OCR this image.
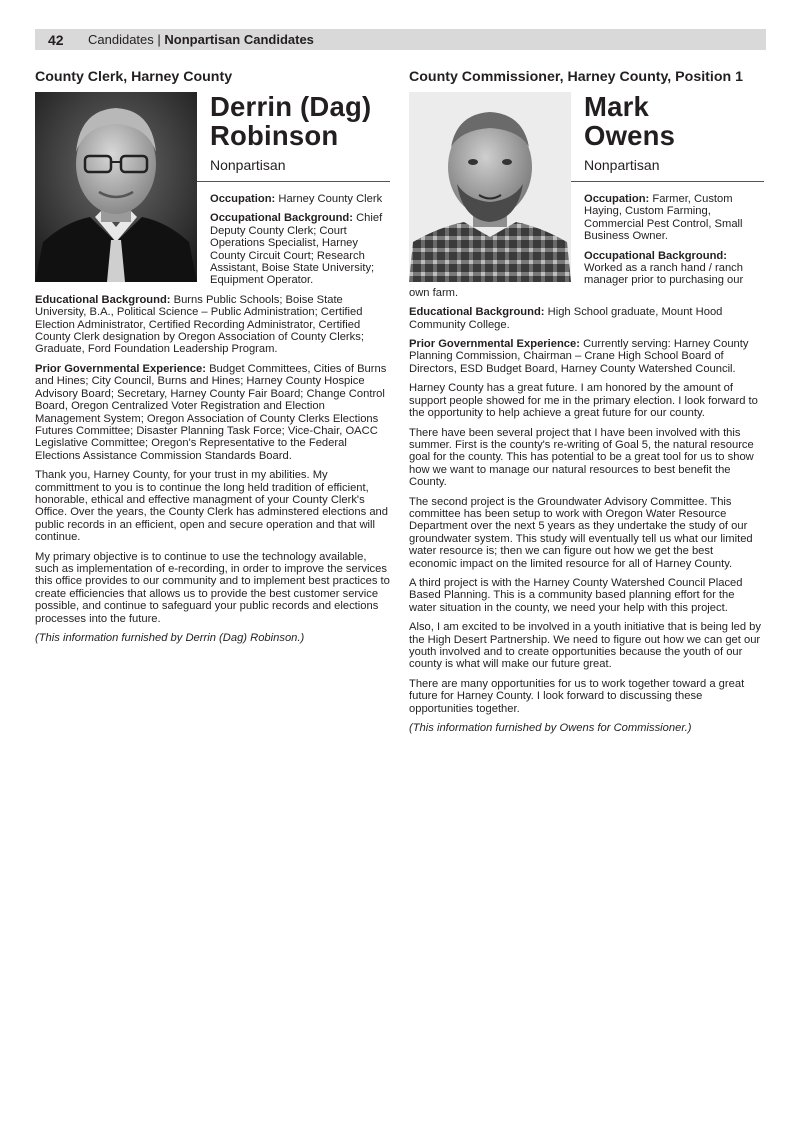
42	Candidates | Nonpartisan Candidates
County Clerk, Harney County
Derrin (Dag)
Robinson
Nonpartisan

Occupation: Harney County Clerk

Occupational Background: Chief Deputy County Clerk; Court Operations Specialist, Harney County Circuit Court; Research Assistant, Boise State University; Equipment Operator.

Educational Background: Burns Public Schools; Boise State University, B.A., Political Science – Public Administration; Certified Election Administrator, Certified Recording Administrator, Certified County Clerk designation by Oregon Association of County Clerks; Graduate, Ford Foundation Leadership Program.

Prior Governmental Experience: Budget Committees, Cities of Burns and Hines; City Council, Burns and Hines; Harney County Hospice Advisory Board; Secretary, Harney County Fair Board; Change Control Board, Oregon Centralized Voter Registration and Election Management System; Oregon Association of County Clerks Elections Futures Committee; Disaster Planning Task Force; Vice-Chair, OACC Legislative Committee; Oregon's Representative to the Federal Elections Assistance Commission Standards Board.

Thank you, Harney County, for your trust in my abilities. My committment to you is to continue the long held tradition of efficient, honorable, ethical and effective managment of your County Clerk's Office. Over the years, the County Clerk has adminstered elections and public records in an efficient, open and secure operation and that will continue.

My primary objective is to continue to use the technology available, such as implementation of e-recording, in order to improve the services this office provides to our community and to implement best practices to create efficiencies that allows us to provide the best customer service possible, and continue to safeguard your public records and elections processes into the future.

(This information furnished by Derrin (Dag) Robinson.)

County Commissioner, Harney County, Position 1
Mark
Owens
Nonpartisan

Occupation: Farmer, Custom Haying, Custom Farming, Commercial Pest Control, Small Business Owner.

Occupational Background: Worked as a ranch hand / ranch manager prior to purchasing our own farm.

Educational Background: High School graduate, Mount Hood Community College.

Prior Governmental Experience: Currently serving: Harney County Planning Commission, Chairman – Crane High School Board of Directors, ESD Budget Board, Harney County Watershed Council.

Harney County has a great future. I am honored by the amount of support people showed for me in the primary election. I look forward to the opportunity to help achieve a great future for our county.

There have been several project that I have been involved with this summer. First is the county's re-writing of Goal 5, the natural resource goal for the county. This has potential to be a great tool for us to show how we want to manage our natural resources to best benefit the County.

The second project is the Groundwater Advisory Committee. This committee has been setup to work with Oregon Water Resource Department over the next 5 years as they undertake the study of our groundwater system. This study will eventually tell us what our limited water resource is; then we can figure out how we get the best economic impact on the limited resource for all of Harney County.

A third project is with the Harney County Watershed Council Placed Based Planning. This is a community based planning effort for the water situation in the county, we need your help with this project.

Also, I am excited to be involved in a youth initiative that is being led by the High Desert Partnership. We need to figure out how we can get our youth involved and to create opportunities because the youth of our county is what will make our future great.

There are many opportunities for us to work together toward a great future for Harney County. I look forward to discussing these opportunities together.

(This information furnished by Owens for Commissioner.)
